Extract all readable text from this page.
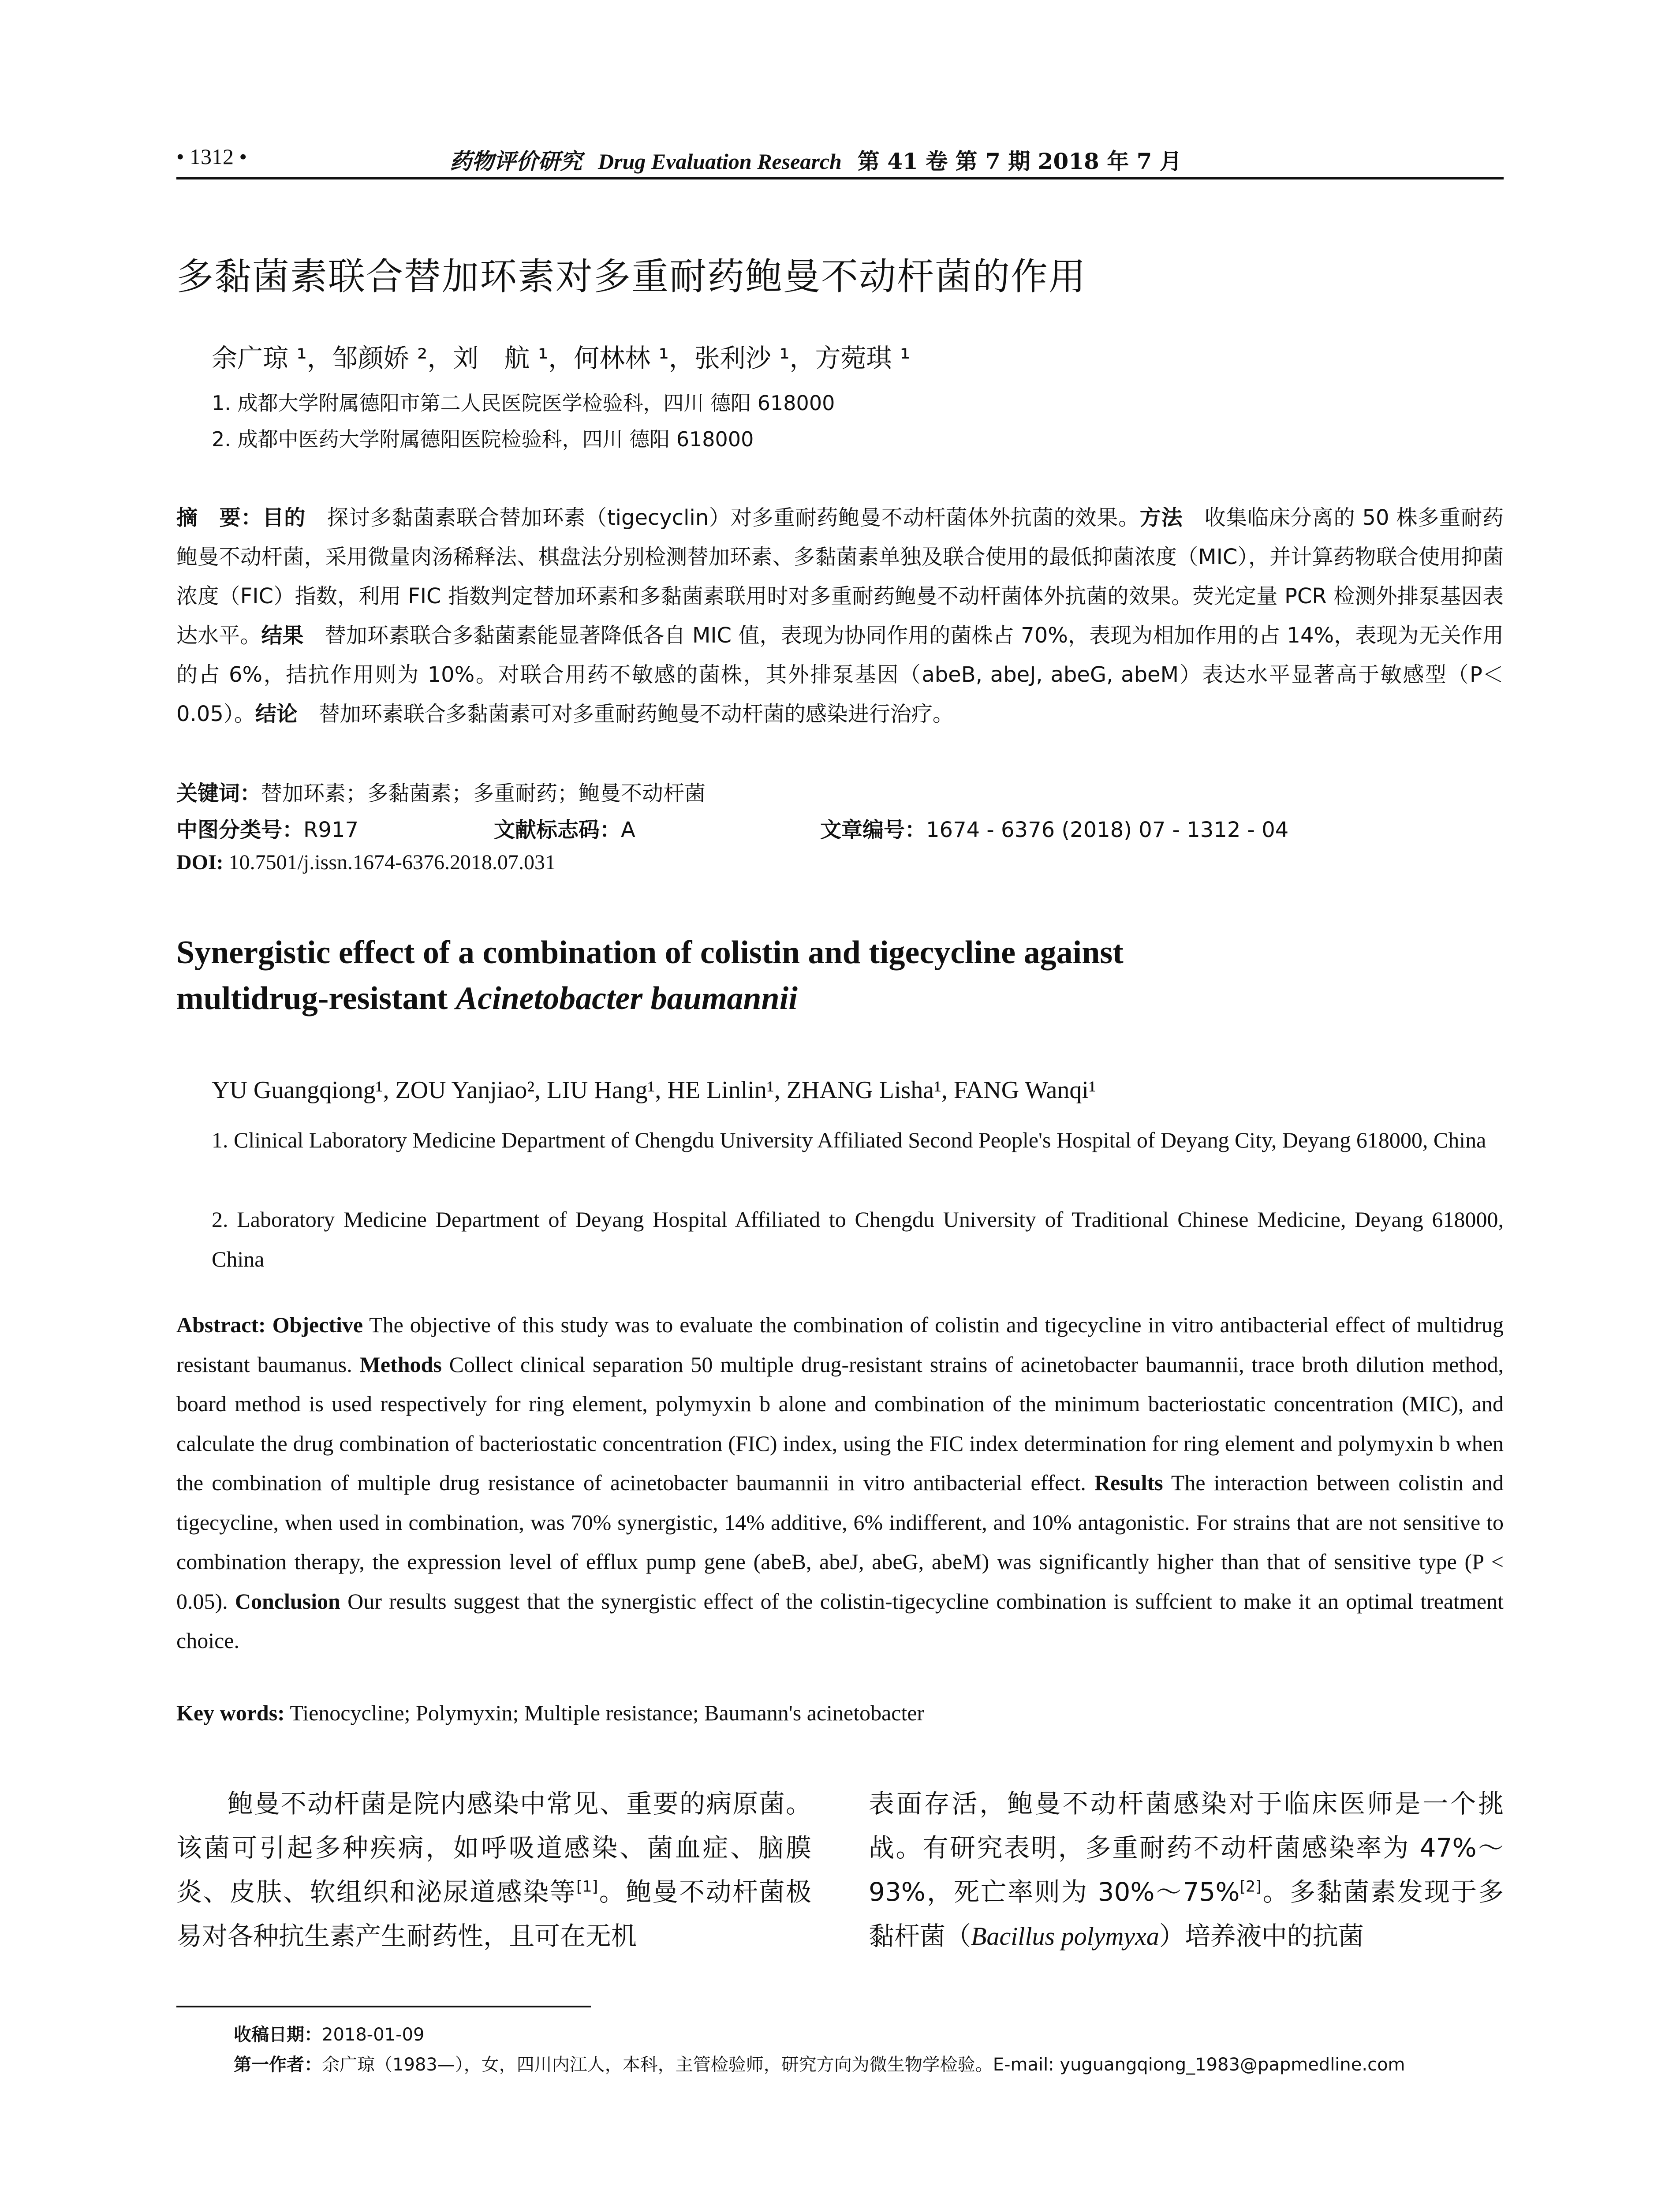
• 1312 •	药物评价研究 Drug Evaluation Research 第 41 卷 第 7 期 2018 年 7 月
多黏菌素联合替加环素对多重耐药鲍曼不动杆菌的作用
余广琼 ¹，邹颜娇 ²，刘　航 ¹，何林林 ¹，张利沙 ¹，方菀琪 ¹
1. 成都大学附属德阳市第二人民医院医学检验科，四川 德阳 618000
2. 成都中医药大学附属德阳医院检验科，四川 德阳 618000
摘　要：目的　探讨多黏菌素联合替加环素（tigecyclin）对多重耐药鲍曼不动杆菌体外抗菌的效果。方法　收集临床分离的 50 株多重耐药鲍曼不动杆菌，采用微量肉汤稀释法、棋盘法分别检测替加环素、多黏菌素单独及联合使用的最低抑菌浓度（MIC），并计算药物联合使用抑菌浓度（FIC）指数，利用 FIC 指数判定替加环素和多黏菌素联用时对多重耐药鲍曼不动杆菌体外抗菌的效果。荧光定量 PCR 检测外排泵基因表达水平。结果　替加环素联合多黏菌素能显著降低各自 MIC 值，表现为协同作用的菌株占 70%，表现为相加作用的占 14%，表现为无关作用的占 6%，拮抗作用则为 10%。对联合用药不敏感的菌株，其外排泵基因（abeB, abeJ, abeG, abeM）表达水平显著高于敏感型（P＜0.05）。结论　替加环素联合多黏菌素可对多重耐药鲍曼不动杆菌的感染进行治疗。
关键词：替加环素；多黏菌素；多重耐药；鲍曼不动杆菌
中图分类号：R917	文献标志码：A	文章编号：1674 - 6376 (2018) 07 - 1312 - 04
DOI: 10.7501/j.issn.1674-6376.2018.07.031
Synergistic effect of a combination of colistin and tigecycline against
multidrug-resistant Acinetobacter baumannii
YU Guangqiong¹, ZOU Yanjiao², LIU Hang¹, HE Linlin¹, ZHANG Lisha¹, FANG Wanqi¹
1. Clinical Laboratory Medicine Department of Chengdu University Affiliated Second People's Hospital of Deyang City, Deyang 618000, China
2. Laboratory Medicine Department of Deyang Hospital Affiliated to Chengdu University of Traditional Chinese Medicine, Deyang 618000, China
Abstract: Objective The objective of this study was to evaluate the combination of colistin and tigecycline in vitro antibacterial effect of multidrug resistant baumanus. Methods Collect clinical separation 50 multiple drug-resistant strains of acinetobacter baumannii, trace broth dilution method, board method is used respectively for ring element, polymyxin b alone and combination of the minimum bacteriostatic concentration (MIC), and calculate the drug combination of bacteriostatic concentration (FIC) index, using the FIC index determination for ring element and polymyxin b when the combination of multiple drug resistance of acinetobacter baumannii in vitro antibacterial effect. Results The interaction between colistin and tigecycline, when used in combination, was 70% synergistic, 14% additive, 6% indifferent, and 10% antagonistic. For strains that are not sensitive to combination therapy, the expression level of efflux pump gene (abeB, abeJ, abeG, abeM) was significantly higher than that of sensitive type (P < 0.05). Conclusion Our results suggest that the synergistic effect of the colistin-tigecycline combination is suffcient to make it an optimal treatment choice.
Key words: Tienocycline; Polymyxin; Multiple resistance; Baumann's acinetobacter
鲍曼不动杆菌是院内感染中常见、重要的病原菌。该菌可引起多种疾病，如呼吸道感染、菌血症、脑膜炎、皮肤、软组织和泌尿道感染等[1]。鲍曼不动杆菌极易对各种抗生素产生耐药性，且可在无机
表面存活，鲍曼不动杆菌感染对于临床医师是一个挑战。有研究表明，多重耐药不动杆菌感染率为 47%～93%，死亡率则为 30%～75%[2]。多黏菌素发现于多黏杆菌（Bacillus polymyxa）培养液中的抗菌
收稿日期：2018-01-09
第一作者：余广琼（1983—），女，四川内江人，本科，主管检验师，研究方向为微生物学检验。E-mail: yuguangqiong_1983@papmedline.com
